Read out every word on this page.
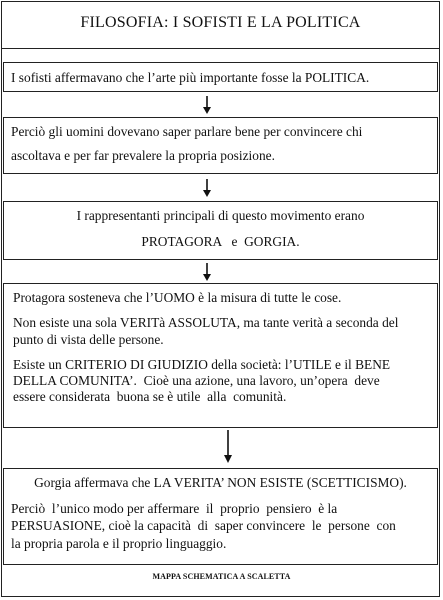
FILOSOFIA: I SOFISTI E LA POLITICA
I sofisti affermavano che l’arte più importante fosse la POLITICA.
Perciò gli uomini dovevano saper parlare bene per convincere chi
ascoltava e per far prevalere la propria posizione.
I rappresentanti principali di questo movimento erano
PROTAGORA   e  GORGIA.
Protagora sosteneva che l’UOMO è la misura di tutte le cose.
Non esiste una sola VERITà ASSOLUTA, ma tante verità a seconda del
punto di vista delle persone.
Esiste un CRITERIO DI GIUDIZIO della società: l’UTILE e il BENE
DELLA COMUNITA’.  Cioè una azione, una lavoro, un’opera  deve
essere considerata  buona se è utile  alla  comunità.
Gorgia affermava che LA VERITA’ NON ESISTE (SCETTICISMO).
Perciò  l’unico modo per affermare  il  proprio  pensiero  è la
PERSUASIONE, cioè la capacità  di  saper convincere  le  persone  con
la propria parola e il proprio linguaggio.
MAPPA SCHEMATICA A SCALETTA
